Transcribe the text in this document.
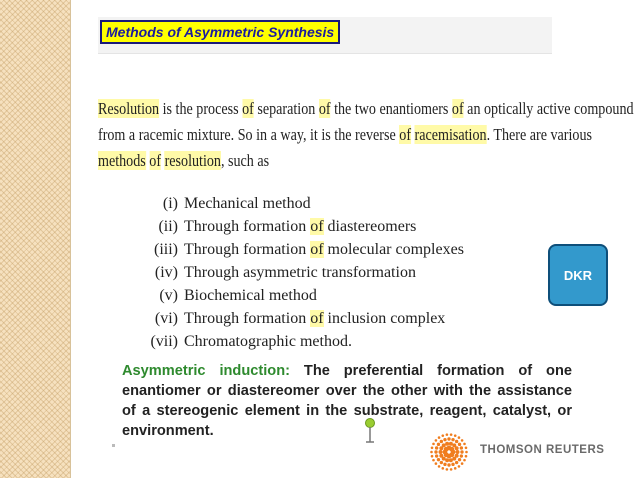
Methods of Asymmetric Synthesis
Resolution is the process of separation of the two enantiomers of an optically active compound
from a racemic mixture. So in a way, it is the reverse of racemisation. There are various
methods of resolution, such as
(i) Mechanical method
(ii) Through formation of diastereomers
(iii) Through formation of molecular complexes
(iv) Through asymmetric transformation
(v) Biochemical method
(vi) Through formation of inclusion complex
(vii) Chromatographic method.
DKR
Asymmetric induction: The preferential formation of one enantiomer or diastereomer over the other with the assistance of a stereogenic element in the substrate, reagent, catalyst, or environment.
THOMSON REUTERS
